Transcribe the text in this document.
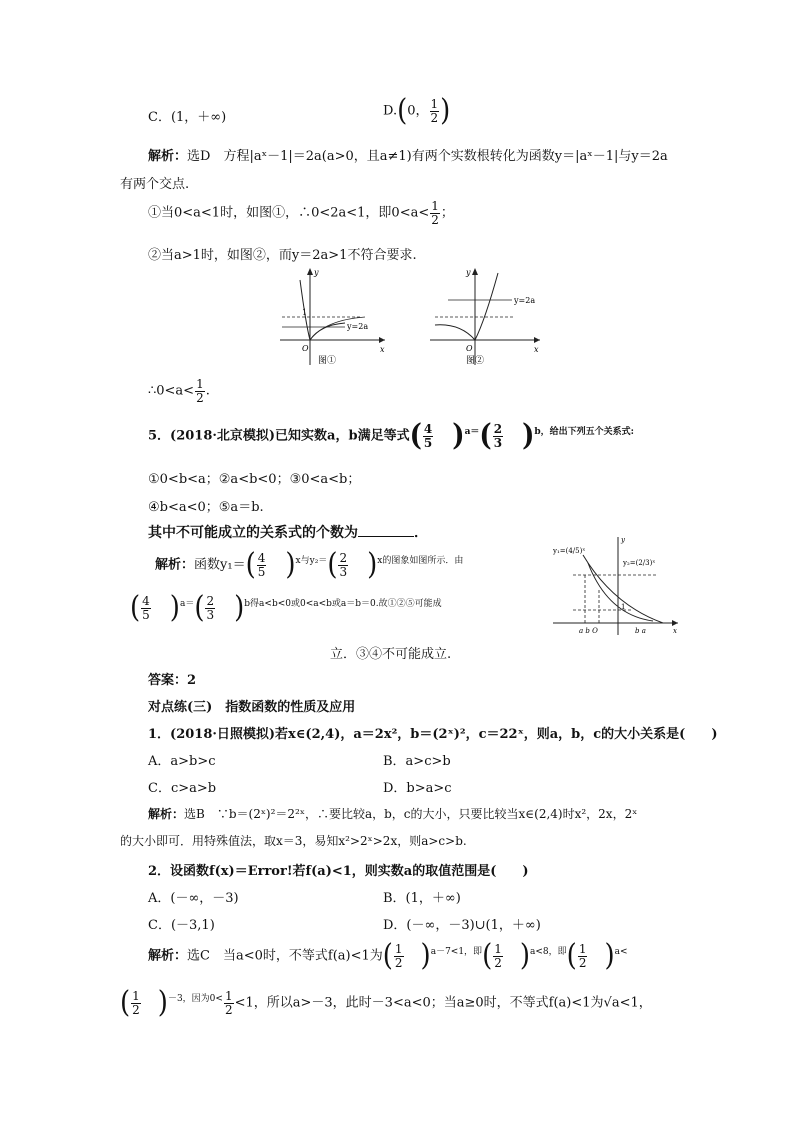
C．(1，＋∞)	D.(0， $\frac{1}{2}$ )
解析：选D　方程|aˣ－1|＝2a(a>0，且a≠1)有两个实数根转化为函数y＝|aˣ－1|与y＝2a
有两个交点.
①当0<a<1时，如图①，∴0<2a<1，即$0<a< \frac{1}{2}$ ；
②当a>1时，如图②，而y＝2a>1不符合要求.
y
x
O
1
y=2a
图①
y
x
O
y=2a
图②
∴0<a< $\frac{1}{2}$ .
5．(2018·北京模拟)已知实数a，b满足等式( $\frac{4}{5} )^{a=}( \frac{2}{3} )^{b,给出下列五个关系式:}$
①0<b<a；②a<b<0；③0<a<b；
④b<a<0；⑤a＝b.
其中不可能成立的关系式的个数为	．
解析：函数$y_1=( \frac{4}{5} )^{x与y_2=}( \frac{2}{3} )^{x的图象如图所示.由}$
( $\frac{4}{5} )^{a=}( \frac{2}{3} )^{b得a<b<0或0<a<b或a=b=0.故①②⑤可能成}$
立．③④不可能成立.
y₁=(4/5)ˣ
y₂=(2/3)ˣ
y
x
1
a b O	b a
答案：2
对点练(三)　指数函数的性质及应用
1．(2018·日照模拟)若x∈(2,4)，a＝2x²，b＝(2ˣ)²，c＝22ˣ，则a，b，c的大小关系是(　　)
A．a>b>c	B．a>c>b
C．c>a>b	D．b>a>c
解析：选B　∵b＝(2ˣ)²＝2²ˣ，∴要比较a，b，c的大小，只要比较当x∈(2,4)时x²，2x，2ˣ
的大小即可．用特殊值法，取x＝3，易知x²>2ˣ>2x，则a>c>b.
2．设函数f(x)＝Error!若f(a)<1，则实数a的取值范围是(　　)
A．(－∞，－3)	B．(1，＋∞)
C．(－3,1)	D．(－∞，－3)∪(1，＋∞)
解析：选C　当a<0时，不等式f(a)<1为( $\frac{1}{2} )^{a-7<1,即}( \frac{1}{2} )^{a<8,即}( \frac{1}{2} )^{a<}$
( $\frac{1}{2} )^{-3,因为0<} \frac{1}{2} <1$，所以a>－3，此时－3<a<0；当a≥0时，不等式f(a)<1为√a<1，
